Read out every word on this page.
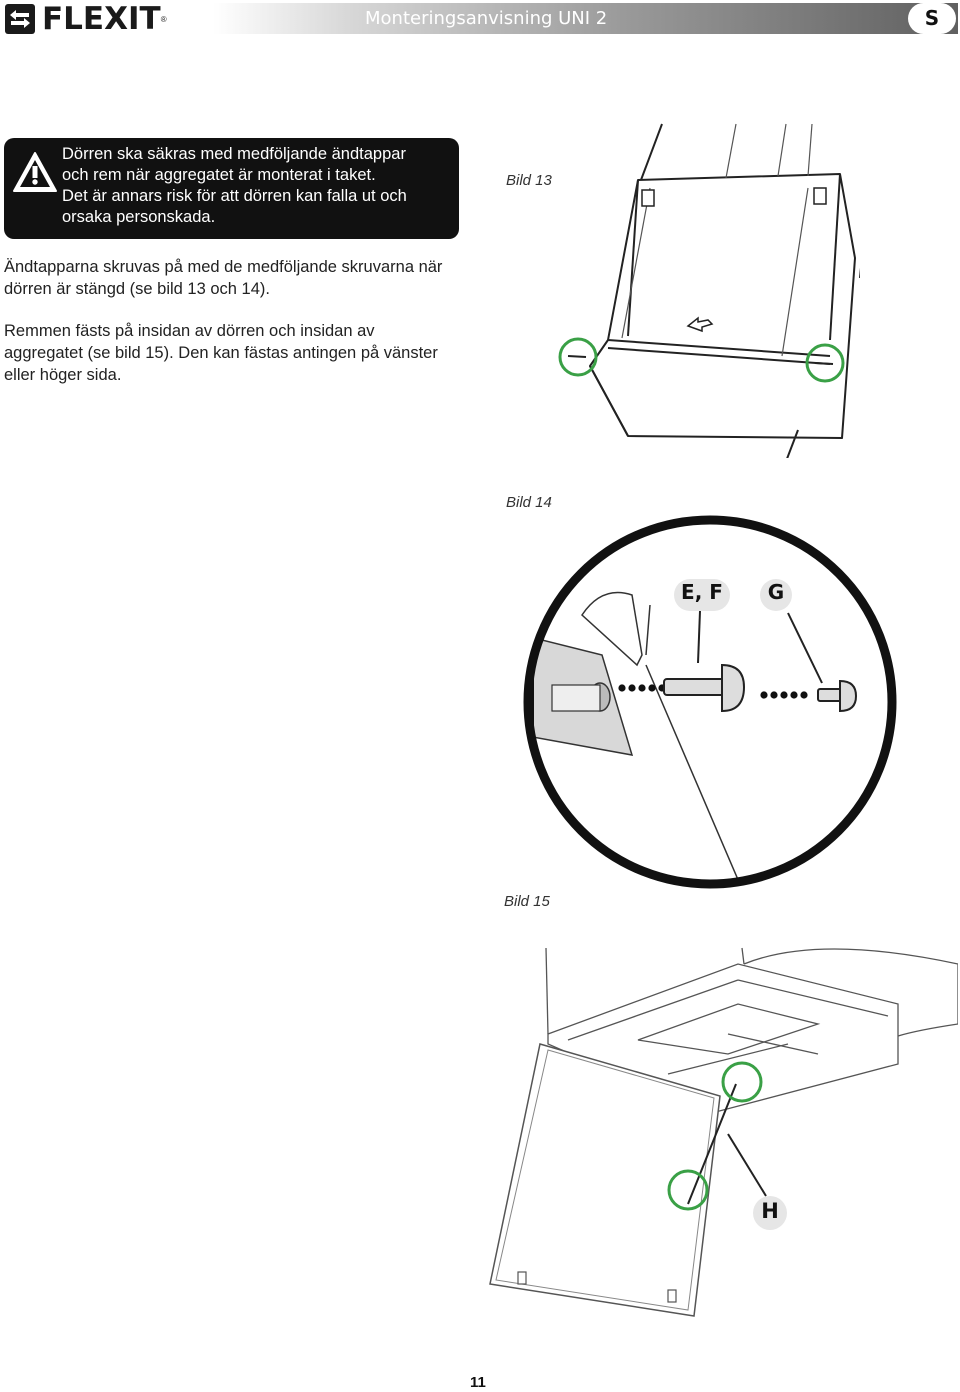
FLEXIT ®	Monteringsanvisning UNI 2	S
Dörren ska säkras med medföljande ändtappar
och rem när aggregatet är monterat i taket.
Det är annars risk för att dörren kan falla ut och
orsaka personskada.
Ändtapparna skruvas på med de medföljande skruvarna när
dörren är stängd (se bild 13 och 14).
Remmen fästs på insidan av dörren och insidan av
aggregatet (se bild 15). Den kan fästas antingen på vänster
eller höger sida.
Bild 13
Bild 14
E, F	G
Bild 15
H
11
